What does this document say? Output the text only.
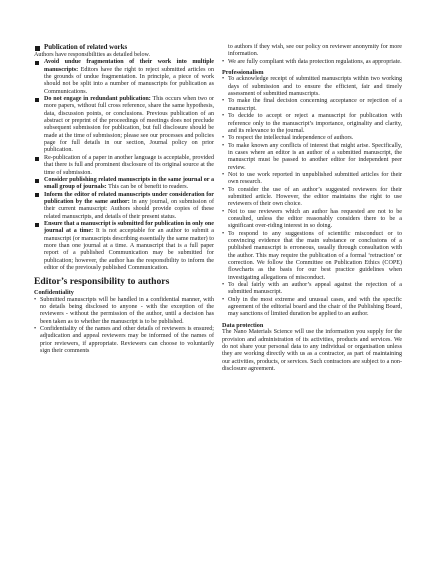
Publication of related works

Authors have responsibilities as detailed below.

Avoid undue fragmentation of their work into multiple manuscripts: Editors have the right to reject submitted articles on the grounds of undue fragmentation. In principle, a piece of work should not be split into a number of manuscripts for publication as Communications.

Do not engage in redundant publication: This occurs when two or more papers, without full cross reference, share the same hypothesis, data, discussion points, or conclusions. Previous publication of an abstract or preprint of the proceedings of meetings does not preclude subsequent submission for publication, but full disclosure should be made at the time of submission; please see our processes and policies page for full details in our section, Journal policy on prior publication.

Re-publication of a paper in another language is acceptable, provided that there is full and prominent disclosure of its original source at the time of submission.

Consider publishing related manuscripts in the same journal or a small group of journals: This can be of benefit to readers.

Inform the editor of related manuscripts under consideration for publication by the same author: in any journal, on submission of their current manuscript: Authors should provide copies of these related manuscripts, and details of their present status.

Ensure that a manuscript is submitted for publication in only one journal at a time: It is not acceptable for an author to submit a manuscript (or manuscripts describing essentially the same matter) to more than one journal at a time. A manuscript that is a full paper report of a published Communication may be submitted for publication; however, the author has the responsibility to inform the editor of the previously published Communication.

Editor’s responsibility to authors

Confidentiality

• Submitted manuscripts will be handled in a confidential manner, with no details being disclosed to anyone - with the exception of the reviewers - without the permission of the author, until a decision has been taken as to whether the manuscript is to be published.

• Confidentiality of the names and other details of reviewers is ensured; adjudication and appeal reviewers may be informed of the names of prior reviewers, if appropriate. Reviewers can choose to voluntarily sign their comments

to authors if they wish, see our policy on reviewer anonymity for more information.

• We are fully compliant with data protection regulations, as appropriate.

Professionalism

• To acknowledge receipt of submitted manuscripts within two working days of submission and to ensure the efficient, fair and timely assessment of submitted manuscripts.

• To make the final decision concerning acceptance or rejection of a manuscript.

• To decide to accept or reject a manuscript for publication with reference only to the manuscript’s importance, originality and clarity, and its relevance to the journal.

• To respect the intellectual independence of authors.

• To make known any conflicts of interest that might arise. Specifically, in cases where an editor is an author of a submitted manuscript, the manuscript must be passed to another editor for independent peer review.

• Not to use work reported in unpublished submitted articles for their own research.

• To consider the use of an author’s suggested reviewers for their submitted article. However, the editor maintains the right to use reviewers of their own choice.

• Not to use reviewers which an author has requested are not to be consulted, unless the editor reasonably considers there to be a significant over-riding interest in so doing.

• To respond to any suggestions of scientific misconduct or to convincing evidence that the main substance or conclusions of a published manuscript is erroneous, usually through consultation with the author. This may require the publication of a formal ‘retraction’ or correction. We follow the Committee on Publication Ethics (COPE) flowcharts as the basis for our best practice guidelines when investigating allegations of misconduct.

• To deal fairly with an author’s appeal against the rejection of a submitted manuscript.

• Only in the most extreme and unusual cases, and with the specific agreement of the editorial board and the chair of the Publishing Board, may sanctions of limited duration be applied to an author.

Data protection

The Nano Materials Science will use the information you supply for the provision and administration of its activities, products and services. We do not share your personal data to any individual or organisation unless they are working directly with us as a contractor, as part of maintaining our activities, products, or services. Such contractors are subject to a non-disclosure agreement.
